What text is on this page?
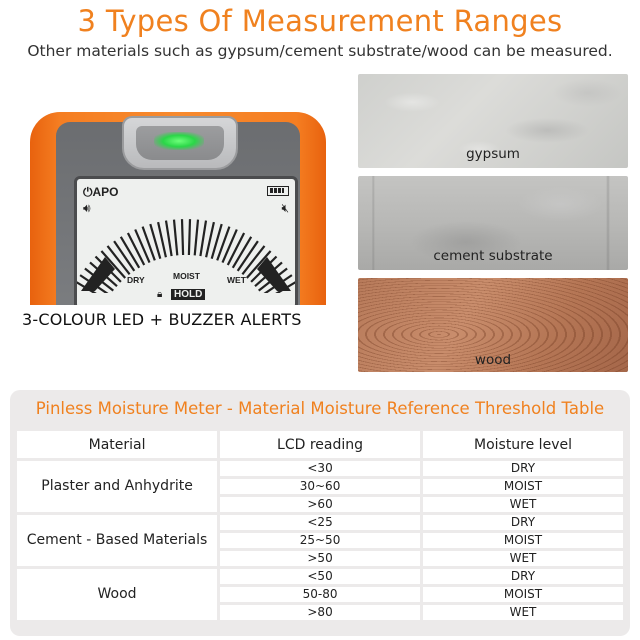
3 Types Of Measurement Ranges
Other materials such as gypsum/cement substrate/wood can be measured.
⏻APO
🔊︎	🔇︎
DRY	MOIST	WET
🔒︎	HOLD
3-COLOUR LED + BUZZER ALERTS
gypsum
cement substrate
wood
Pinless Moisture Meter - Material Moisture Reference Threshold Table
Material	LCD reading	Moisture level
Plaster and Anhydrite	<30	DRY
	30~60	MOIST
	>60	WET
Cement - Based Materials	<25	DRY
	25~50	MOIST
	>50	WET
Wood	<50	DRY
	50-80	MOIST
	>80	WET
